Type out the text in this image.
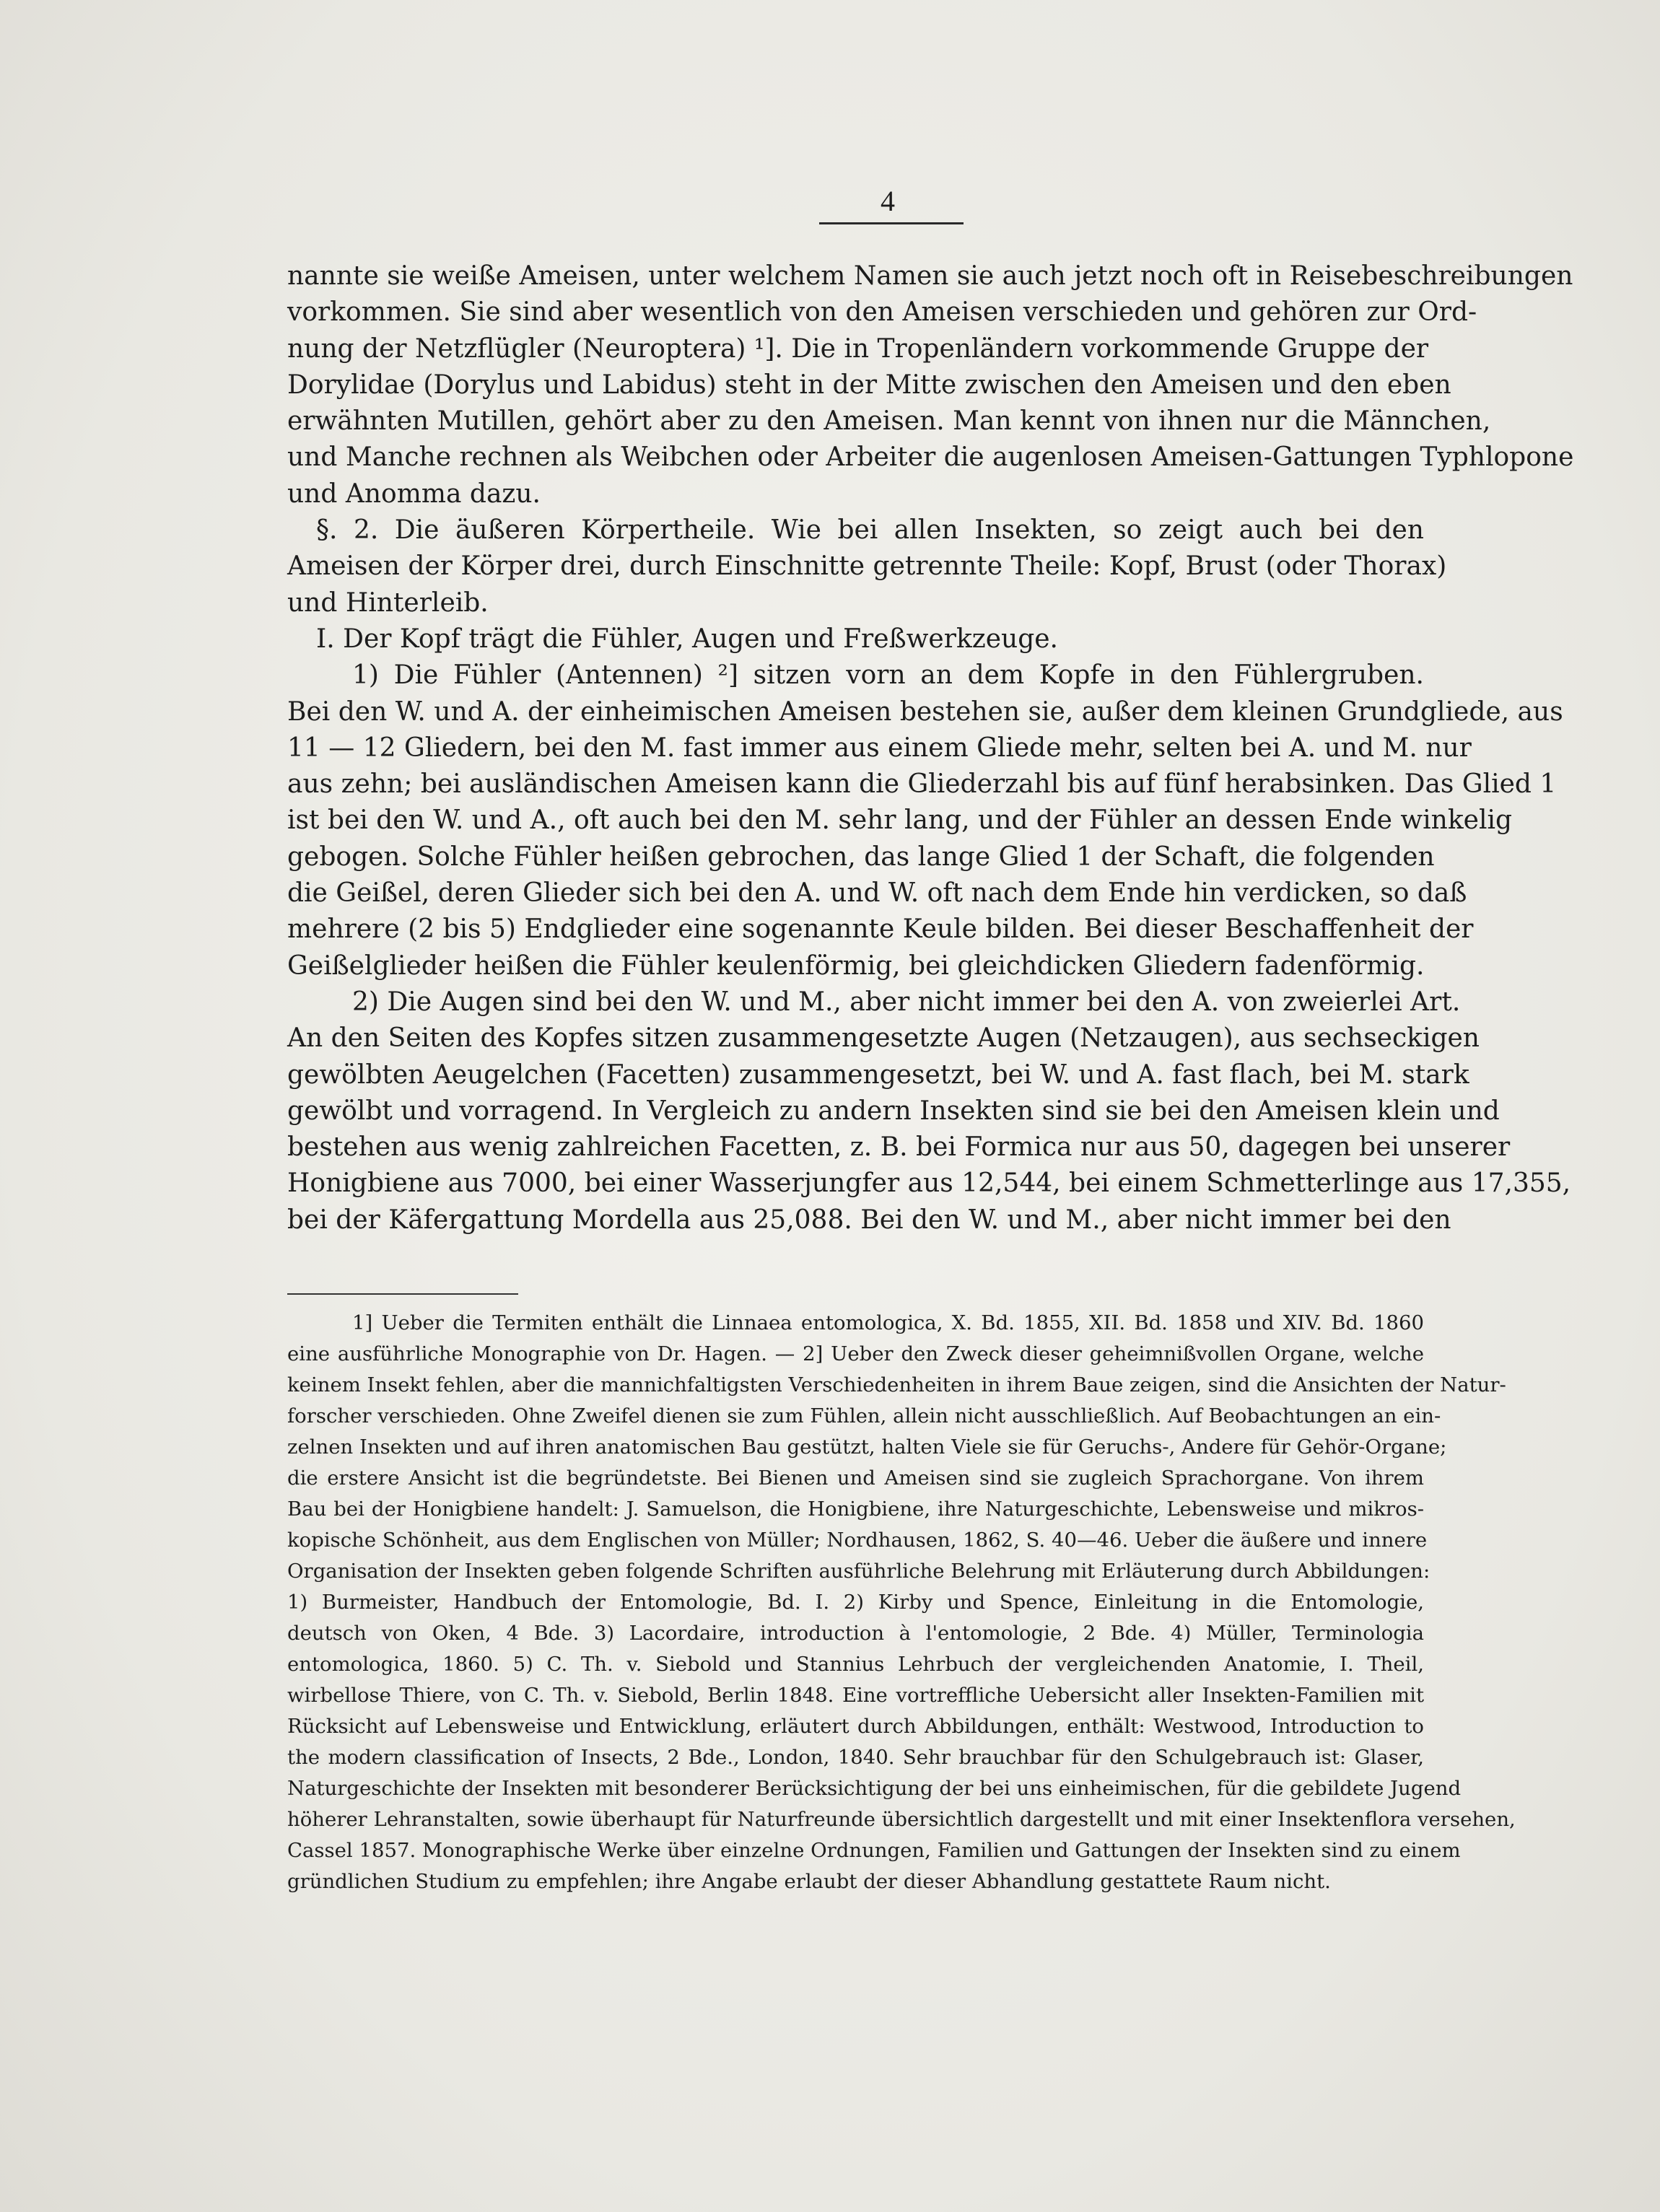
4
nannte sie weiße Ameisen, unter welchem Namen sie auch jetzt noch oft in Reisebeschreibungen
vorkommen. Sie sind aber wesentlich von den Ameisen verschieden und gehören zur Ord-
nung der Netzflügler (Neuroptera) ¹]. Die in Tropenländern vorkommende Gruppe der
Dorylidae (Dorylus und Labidus) steht in der Mitte zwischen den Ameisen und den eben
erwähnten Mutillen, gehört aber zu den Ameisen. Man kennt von ihnen nur die Männchen,
und Manche rechnen als Weibchen oder Arbeiter die augenlosen Ameisen-Gattungen Typhlopone
und Anomma dazu.
§. 2. Die äußeren Körpertheile. Wie bei allen Insekten, so zeigt auch bei den
Ameisen der Körper drei, durch Einschnitte getrennte Theile: Kopf, Brust (oder Thorax)
und Hinterleib.
I. Der Kopf trägt die Fühler, Augen und Freßwerkzeuge.
1) Die Fühler (Antennen) ²] sitzen vorn an dem Kopfe in den Fühlergruben.
Bei den W. und A. der einheimischen Ameisen bestehen sie, außer dem kleinen Grundgliede, aus
11 — 12 Gliedern, bei den M. fast immer aus einem Gliede mehr, selten bei A. und M. nur
aus zehn; bei ausländischen Ameisen kann die Gliederzahl bis auf fünf herabsinken. Das Glied 1
ist bei den W. und A., oft auch bei den M. sehr lang, und der Fühler an dessen Ende winkelig
gebogen. Solche Fühler heißen gebrochen, das lange Glied 1 der Schaft, die folgenden
die Geißel, deren Glieder sich bei den A. und W. oft nach dem Ende hin verdicken, so daß
mehrere (2 bis 5) Endglieder eine sogenannte Keule bilden. Bei dieser Beschaffenheit der
Geißelglieder heißen die Fühler keulenförmig, bei gleichdicken Gliedern fadenförmig.
2) Die Augen sind bei den W. und M., aber nicht immer bei den A. von zweierlei Art.
An den Seiten des Kopfes sitzen zusammengesetzte Augen (Netzaugen), aus sechseckigen
gewölbten Aeugelchen (Facetten) zusammengesetzt, bei W. und A. fast flach, bei M. stark
gewölbt und vorragend. In Vergleich zu andern Insekten sind sie bei den Ameisen klein und
bestehen aus wenig zahlreichen Facetten, z. B. bei Formica nur aus 50, dagegen bei unserer
Honigbiene aus 7000, bei einer Wasserjungfer aus 12,544, bei einem Schmetterlinge aus 17,355,
bei der Käfergattung Mordella aus 25,088. Bei den W. und M., aber nicht immer bei den
1] Ueber die Termiten enthält die Linnaea entomologica, X. Bd. 1855, XII. Bd. 1858 und XIV. Bd. 1860
eine ausführliche Monographie von Dr. Hagen. — 2] Ueber den Zweck dieser geheimnißvollen Organe, welche
keinem Insekt fehlen, aber die mannichfaltigsten Verschiedenheiten in ihrem Baue zeigen, sind die Ansichten der Natur-
forscher verschieden. Ohne Zweifel dienen sie zum Fühlen, allein nicht ausschließlich. Auf Beobachtungen an ein-
zelnen Insekten und auf ihren anatomischen Bau gestützt, halten Viele sie für Geruchs-, Andere für Gehör-Organe;
die erstere Ansicht ist die begründetste. Bei Bienen und Ameisen sind sie zugleich Sprachorgane. Von ihrem
Bau bei der Honigbiene handelt: J. Samuelson, die Honigbiene, ihre Naturgeschichte, Lebensweise und mikros-
kopische Schönheit, aus dem Englischen von Müller; Nordhausen, 1862, S. 40—46. Ueber die äußere und innere
Organisation der Insekten geben folgende Schriften ausführliche Belehrung mit Erläuterung durch Abbildungen:
1) Burmeister, Handbuch der Entomologie, Bd. I. 2) Kirby und Spence, Einleitung in die Entomologie,
deutsch von Oken, 4 Bde. 3) Lacordaire, introduction à l'entomologie, 2 Bde. 4) Müller, Terminologia
entomologica, 1860. 5) C. Th. v. Siebold und Stannius Lehrbuch der vergleichenden Anatomie, I. Theil,
wirbellose Thiere, von C. Th. v. Siebold, Berlin 1848. Eine vortreffliche Uebersicht aller Insekten-Familien mit
Rücksicht auf Lebensweise und Entwicklung, erläutert durch Abbildungen, enthält: Westwood, Introduction to
the modern classification of Insects, 2 Bde., London, 1840. Sehr brauchbar für den Schulgebrauch ist: Glaser,
Naturgeschichte der Insekten mit besonderer Berücksichtigung der bei uns einheimischen, für die gebildete Jugend
höherer Lehranstalten, sowie überhaupt für Naturfreunde übersichtlich dargestellt und mit einer Insektenflora versehen,
Cassel 1857. Monographische Werke über einzelne Ordnungen, Familien und Gattungen der Insekten sind zu einem
gründlichen Studium zu empfehlen; ihre Angabe erlaubt der dieser Abhandlung gestattete Raum nicht.
